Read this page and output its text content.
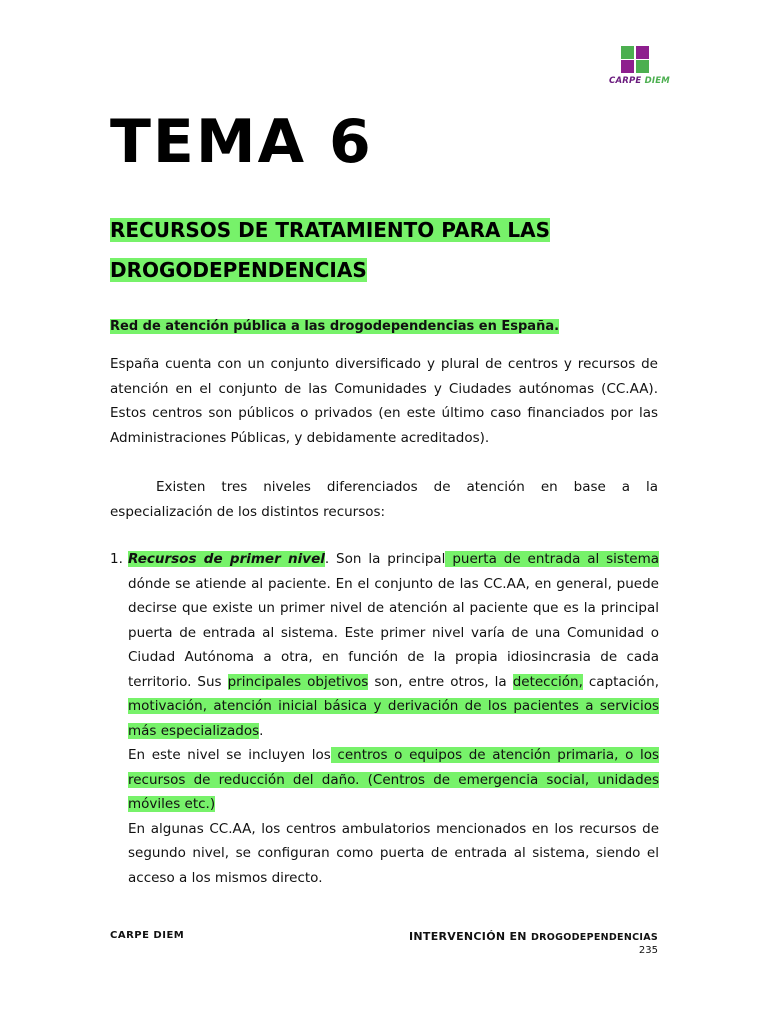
CARPE DIEM
TEMA 6
RECURSOS DE TRATAMIENTO PARA LAS
DROGODEPENDENCIAS

Red de atención pública a las drogodependencias en España.

España cuenta con un conjunto diversificado y plural de centros y recursos de atención en el conjunto de las Comunidades y Ciudades autónomas (CC.AA). Estos centros son públicos o privados (en este último caso financiados por las Administraciones Públicas, y debidamente acreditados).

Existen tres niveles diferenciados de atención en base a la especialización de los distintos recursos:

1. Recursos de primer nivel. Son la principal puerta de entrada al sistema dónde se atiende al paciente. En el conjunto de las CC.AA, en general, puede decirse que existe un primer nivel de atención al paciente que es la principal puerta de entrada al sistema. Este primer nivel varía de una Comunidad o Ciudad Autónoma a otra, en función de la propia idiosincrasia de cada territorio. Sus principales objetivos son, entre otros, la detección, captación, motivación, atención inicial básica y derivación de los pacientes a servicios más especializados.

En este nivel se incluyen los centros o equipos de atención primaria, o los recursos de reducción del daño. (Centros de emergencia social, unidades móviles etc.)

En algunas CC.AA, los centros ambulatorios mencionados en los recursos de segundo nivel, se configuran como puerta de entrada al sistema, siendo el acceso a los mismos directo.

CARPE DIEM	INTERVENCIÓN EN DROGODEPENDENCIAS
235
